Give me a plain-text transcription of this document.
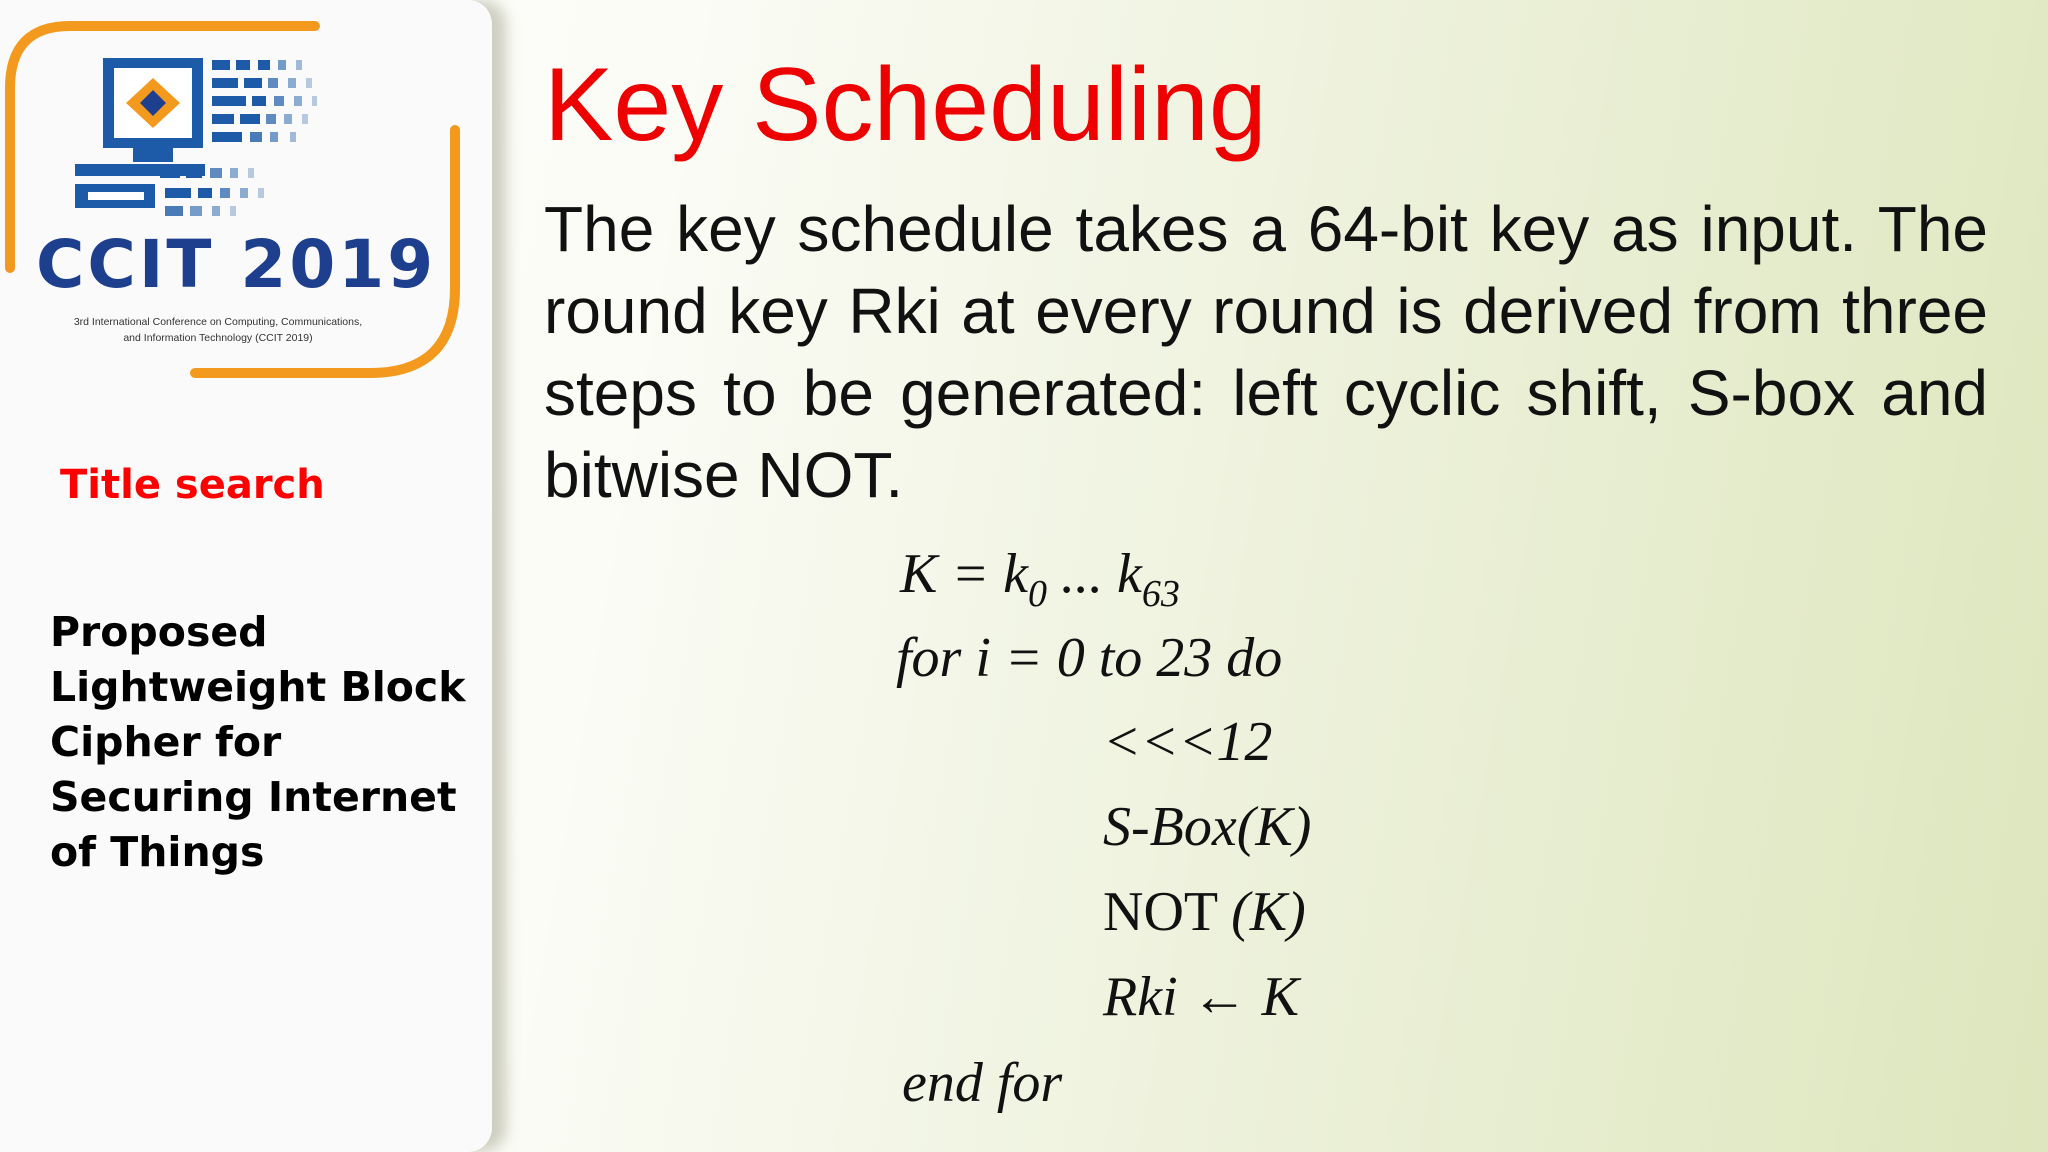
CCIT 2019
3rd International Conference on Computing, Communications,
and Information Technology (CCIT 2019)
Title search
Proposed Lightweight Block Cipher for Securing Internet of Things
Key Scheduling

The key schedule takes a 64-bit key as input. The round key Rki at every round is derived from three steps to be generated: left cyclic shift, S-box and bitwise NOT.

$K = k_0$ ... $k_{63}$
for i = 0 to 23 do
<<<12
S-Box(K)
NOT (K)
Rki ← K
end for
